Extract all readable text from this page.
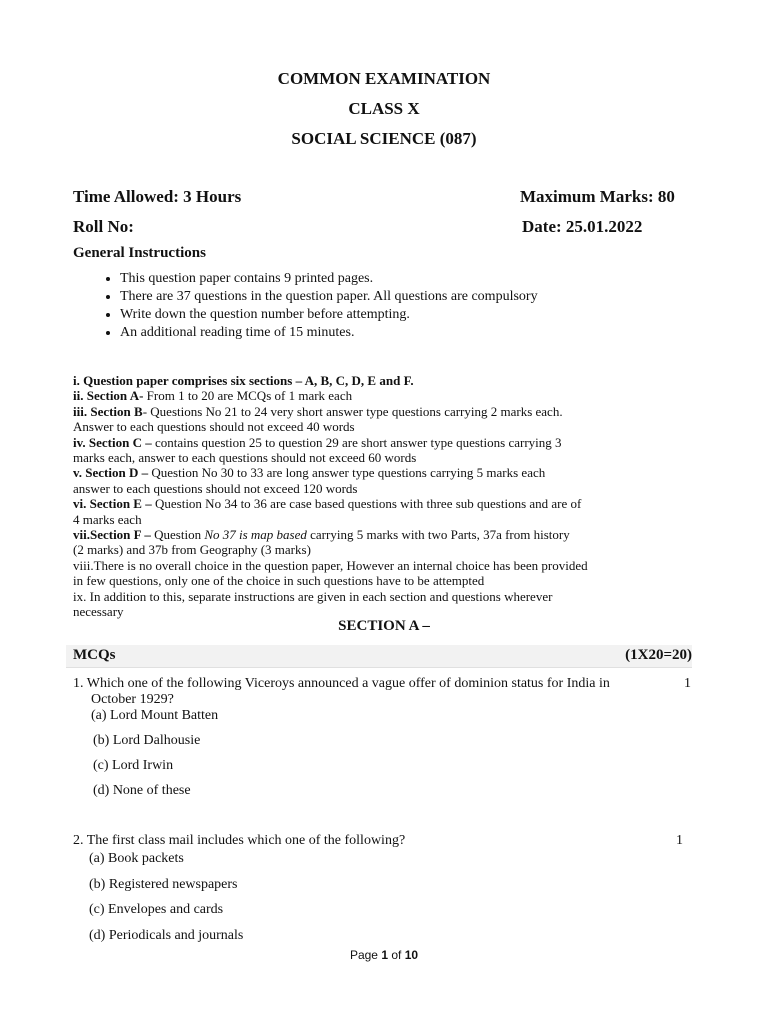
COMMON EXAMINATION
CLASS X
SOCIAL SCIENCE (087)
Time Allowed: 3 Hours	Maximum Marks: 80
Roll No:	Date: 25.01.2022
General Instructions
• This question paper contains 9 printed pages.
• There are 37 questions in the question paper. All questions are compulsory
• Write down the question number before attempting.
• An additional reading time of 15 minutes.
i. Question paper comprises six sections – A, B, C, D, E and F.
ii. Section A- From 1 to 20 are MCQs of 1 mark each
iii. Section B- Questions No 21 to 24 very short answer type questions carrying 2 marks each.
Answer to each questions should not exceed 40 words
iv. Section C – contains question 25 to question 29 are short answer type questions carrying 3
marks each, answer to each questions should not exceed 60 words
v. Section D – Question No 30 to 33 are long answer type questions carrying 5 marks each
answer to each questions should not exceed 120 words
vi. Section E – Question No 34 to 36 are case based questions with three sub questions and are of
4 marks each
vii.Section F – Question No 37 is map based carrying 5 marks with two Parts, 37a from history
(2 marks) and 37b from Geography (3 marks)
viii.There is no overall choice in the question paper, However an internal choice has been provided
in few questions, only one of the choice in such questions have to be attempted
ix. In addition to this, separate instructions are given in each section and questions wherever
necessary
SECTION A –
MCQs	(1X20=20)
1. Which one of the following Viceroys announced a vague offer of dominion status for India in
October 1929?
1
(a) Lord Mount Batten
(b) Lord Dalhousie
(c) Lord Irwin
(d) None of these
2. The first class mail includes which one of the following?	1
(a) Book packets
(b) Registered newspapers
(c) Envelopes and cards
(d) Periodicals and journals
Page 1 of 10
